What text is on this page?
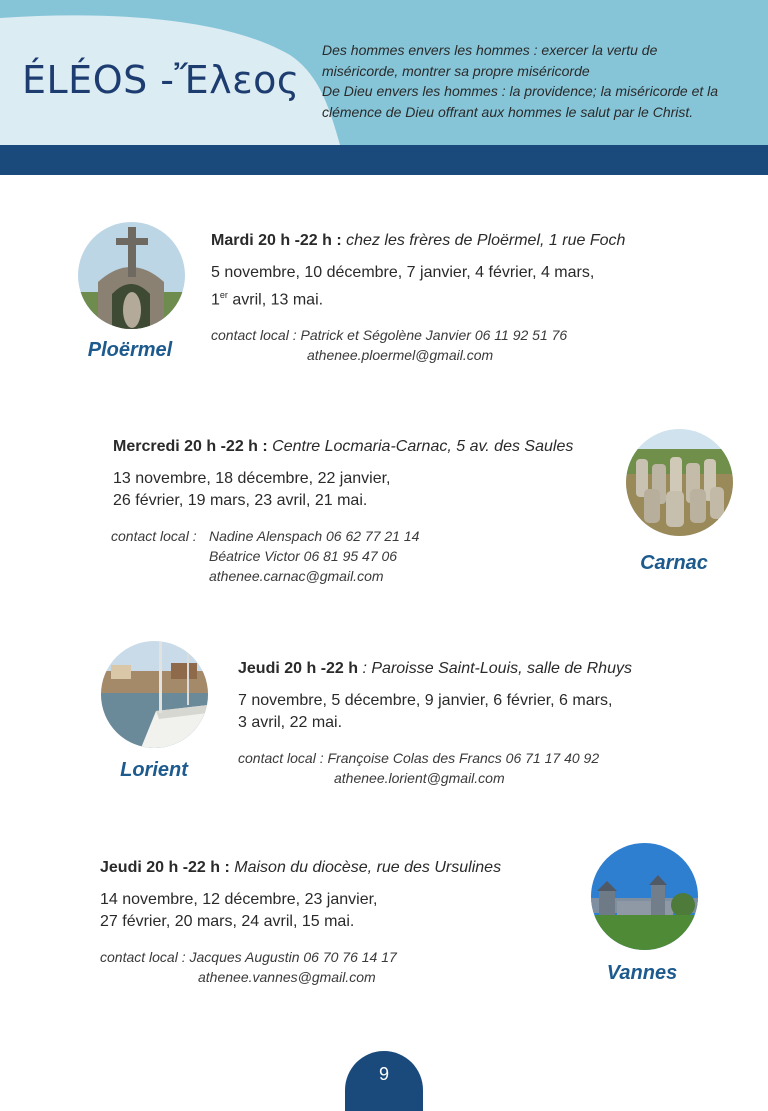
ÉLÉOS -Ἔλεος
Des hommes envers les hommes : exercer la vertu de
miséricorde, montrer sa propre miséricorde
De Dieu envers les hommes : la providence; la miséricorde et la
clémence de Dieu offrant aux hommes le salut par le Christ.
Ploërmel
Mardi 20 h -22 h : chez les frères de Ploërmel, 1 rue Foch
5 novembre, 10 décembre, 7 janvier, 4 février, 4 mars,
1er avril, 13 mai.
contact local : Patrick et Ségolène Janvier 06 11 92 51 76
athenee.ploermel@gmail.com
Carnac
Mercredi 20 h -22 h : Centre Locmaria-Carnac, 5 av. des Saules
13 novembre, 18 décembre, 22 janvier,
26 février, 19 mars, 23 avril, 21 mai.
contact local : Nadine Alenspach 06 62 77 21 14
Béatrice Victor 06 81 95 47 06
athenee.carnac@gmail.com
Lorient
Jeudi 20 h -22 h : Paroisse Saint-Louis, salle de Rhuys
7 novembre, 5 décembre, 9 janvier, 6 février, 6 mars,
3 avril, 22 mai.
contact local : Françoise Colas des Francs 06 71 17 40 92
athenee.lorient@gmail.com
Vannes
Jeudi 20 h -22 h : Maison du diocèse, rue des Ursulines
14 novembre, 12 décembre, 23 janvier,
27 février, 20 mars, 24 avril, 15 mai.
contact local : Jacques Augustin 06 70 76 14 17
athenee.vannes@gmail.com
9
